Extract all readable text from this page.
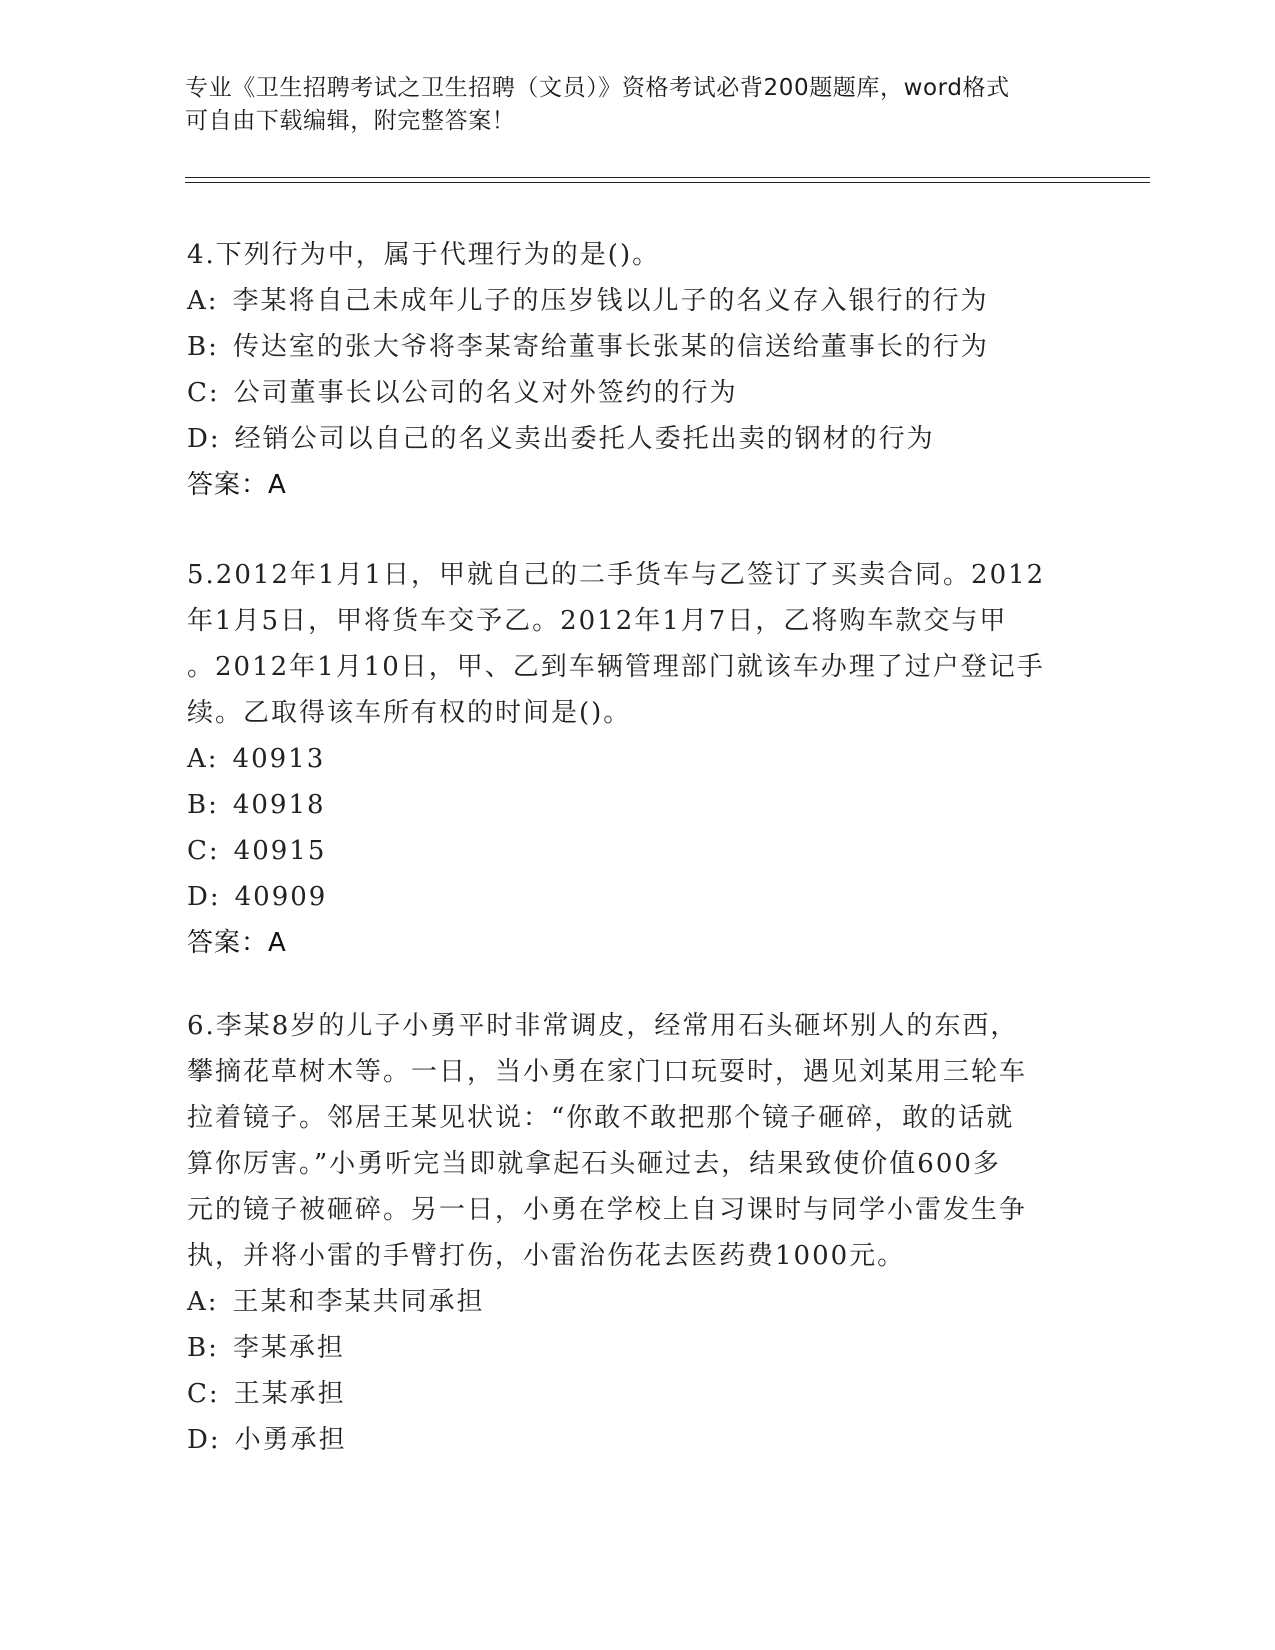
专业《卫生招聘考试之卫生招聘（文员）》资格考试必背200题题库，word格式
可自由下载编辑，附完整答案！
4.下列行为中，属于代理行为的是()。
A: 李某将自己未成年儿子的压岁钱以儿子的名义存入银行的行为
B: 传达室的张大爷将李某寄给董事长张某的信送给董事长的行为
C: 公司董事长以公司的名义对外签约的行为
D: 经销公司以自己的名义卖出委托人委托出卖的钢材的行为
答案：A
5.2012年1月1日，甲就自己的二手货车与乙签订了买卖合同。2012
年1月5日，甲将货车交予乙。2012年1月7日，乙将购车款交与甲
。2012年1月10日，甲、乙到车辆管理部门就该车办理了过户登记手
续。乙取得该车所有权的时间是()。
A: 40913
B: 40918
C: 40915
D: 40909
答案：A
6.李某8岁的儿子小勇平时非常调皮，经常用石头砸坏别人的东西，
攀摘花草树木等。一日，当小勇在家门口玩耍时，遇见刘某用三轮车
拉着镜子。邻居王某见状说：“你敢不敢把那个镜子砸碎，敢的话就
算你厉害。”小勇听完当即就拿起石头砸过去，结果致使价值600多
元的镜子被砸碎。另一日，小勇在学校上自习课时与同学小雷发生争
执，并将小雷的手臂打伤，小雷治伤花去医药费1000元。
A: 王某和李某共同承担
B: 李某承担
C: 王某承担
D: 小勇承担
